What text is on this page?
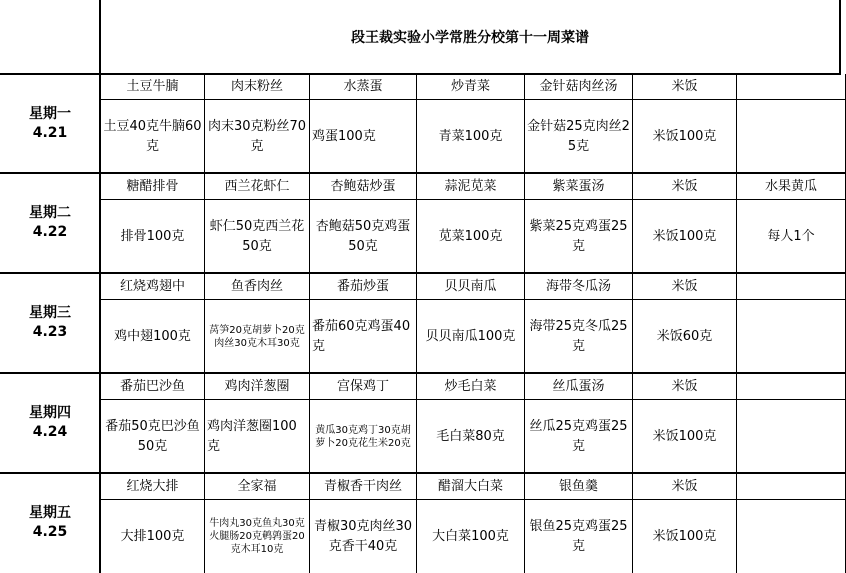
段王裁实验小学常胜分校第十一周菜谱
星期一
4.21
土豆牛腩
土豆40克牛腩60克
肉末粉丝
肉末30克粉丝70克
水蒸蛋
鸡蛋100克
炒青菜
青菜100克
金针菇肉丝汤
金针菇25克肉丝25克
米饭
米饭100克
星期二
4.22
糖醋排骨
排骨100克
西兰花虾仁
虾仁50克西兰花50克
杏鲍菇炒蛋
杏鲍菇50克鸡蛋50克
蒜泥苋菜
苋菜100克
紫菜蛋汤
紫菜25克鸡蛋25克
米饭
米饭100克
水果黄瓜
每人1个
星期三
4.23
红烧鸡翅中
鸡中翅100克
鱼香肉丝
莴笋20克胡萝卜20克肉丝30克木耳30克
番茄炒蛋
番茄60克鸡蛋40克
贝贝南瓜
贝贝南瓜100克
海带冬瓜汤
海带25克冬瓜25克
米饭
米饭60克
星期四
4.24
番茄巴沙鱼
番茄50克巴沙鱼50克
鸡肉洋葱圈
鸡肉洋葱圈100克
宫保鸡丁
黄瓜30克鸡丁30克胡萝卜20克花生米20克
炒毛白菜
毛白菜80克
丝瓜蛋汤
丝瓜25克鸡蛋25克
米饭
米饭100克
星期五
4.25
红烧大排
大排100克
全家福
牛肉丸30克鱼丸30克火腿肠20克鹌鹑蛋20克木耳10克
青椒香干肉丝
青椒30克肉丝30克香干40克
醋溜大白菜
大白菜100克
银鱼羹
银鱼25克鸡蛋25克
米饭
米饭100克
